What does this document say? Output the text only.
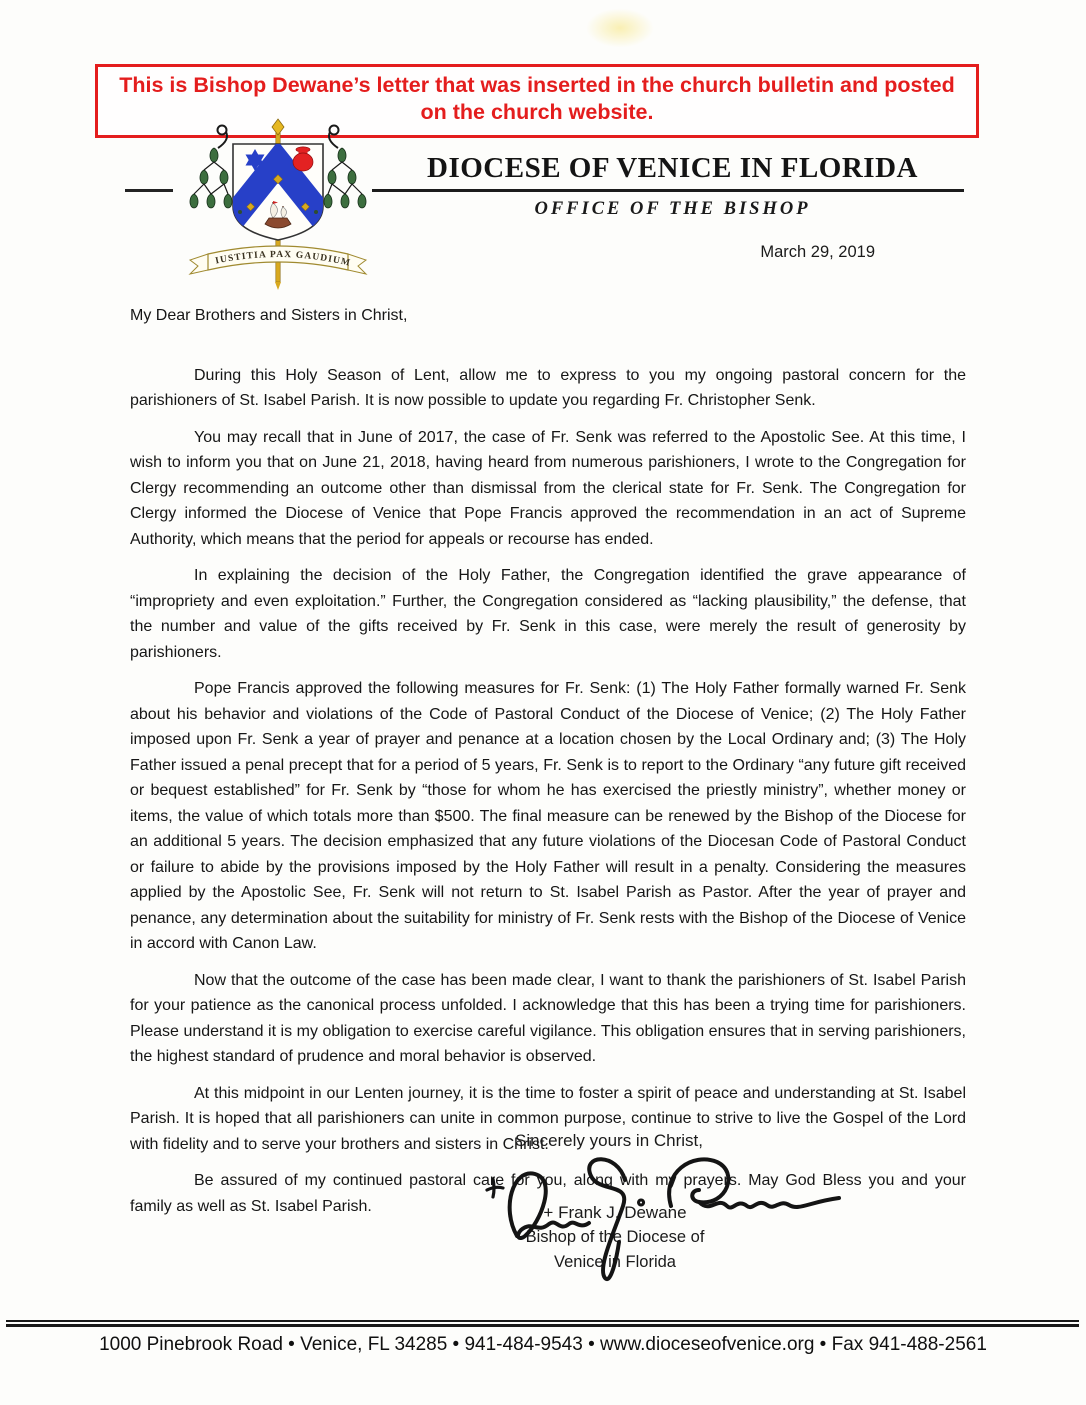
This is Bishop Dewane’s letter that was inserted in the church bulletin and posted on the church website.
IUSTITIA PAX GAUDIUM
DIOCESE OF VENICE IN FLORIDA
OFFICE OF THE BISHOP
March 29, 2019

My Dear Brothers and Sisters in Christ,

During this Holy Season of Lent, allow me to express to you my ongoing pastoral concern for the parishioners of St. Isabel Parish. It is now possible to update you regarding Fr. Christopher Senk.

You may recall that in June of 2017, the case of Fr. Senk was referred to the Apostolic See. At this time, I wish to inform you that on June 21, 2018, having heard from numerous parishioners, I wrote to the Congregation for Clergy recommending an outcome other than dismissal from the clerical state for Fr. Senk. The Congregation for Clergy informed the Diocese of Venice that Pope Francis approved the recommendation in an act of Supreme Authority, which means that the period for appeals or recourse has ended.

In explaining the decision of the Holy Father, the Congregation identified the grave appearance of “impropriety and even exploitation.” Further, the Congregation considered as “lacking plausibility,” the defense, that the number and value of the gifts received by Fr. Senk in this case, were merely the result of generosity by parishioners.

Pope Francis approved the following measures for Fr. Senk: (1) The Holy Father formally warned Fr. Senk about his behavior and violations of the Code of Pastoral Conduct of the Diocese of Venice; (2) The Holy Father imposed upon Fr. Senk a year of prayer and penance at a location chosen by the Local Ordinary and; (3) The Holy Father issued a penal precept that for a period of 5 years, Fr. Senk is to report to the Ordinary “any future gift received or bequest established” for Fr. Senk by “those for whom he has exercised the priestly ministry”, whether money or items, the value of which totals more than $500. The final measure can be renewed by the Bishop of the Diocese for an additional 5 years. The decision emphasized that any future violations of the Diocesan Code of Pastoral Conduct or failure to abide by the provisions imposed by the Holy Father will result in a penalty. Considering the measures applied by the Apostolic See, Fr. Senk will not return to St. Isabel Parish as Pastor. After the year of prayer and penance, any determination about the suitability for ministry of Fr. Senk rests with the Bishop of the Diocese of Venice in accord with Canon Law.

Now that the outcome of the case has been made clear, I want to thank the parishioners of St. Isabel Parish for your patience as the canonical process unfolded. I acknowledge that this has been a trying time for parishioners. Please understand it is my obligation to exercise careful vigilance. This obligation ensures that in serving parishioners, the highest standard of prudence and moral behavior is observed.

At this midpoint in our Lenten journey, it is the time to foster a spirit of peace and understanding at St. Isabel Parish. It is hoped that all parishioners can unite in common purpose, continue to strive to live the Gospel of the Lord with fidelity and to serve your brothers and sisters in Christ.

Be assured of my continued pastoral care for you, along with my prayers. May God Bless you and your family as well as St. Isabel Parish.

Sincerely yours in Christ,
+ Frank J. Dewane
Bishop of the Diocese of
Venice in Florida
1000 Pinebrook Road • Venice, FL 34285 • 941-484-9543 • www.dioceseofvenice.org • Fax 941-488-2561
